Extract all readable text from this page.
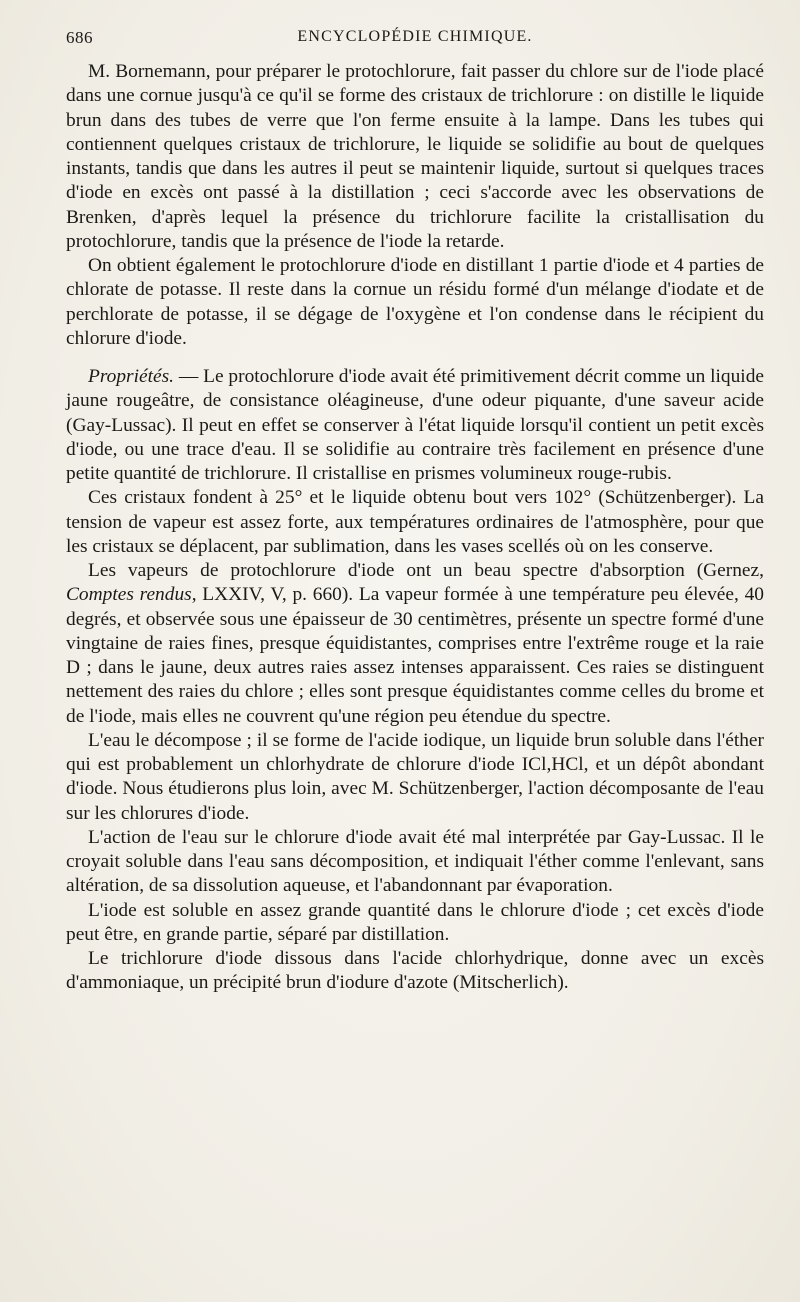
686	ENCYCLOPÉDIE CHIMIQUE.

M. Bornemann, pour préparer le protochlorure, fait passer du chlore sur de l'iode placé dans une cornue jusqu'à ce qu'il se forme des cristaux de trichlorure : on distille le liquide brun dans des tubes de verre que l'on ferme ensuite à la lampe. Dans les tubes qui contiennent quelques cristaux de trichlorure, le liquide se solidifie au bout de quelques instants, tandis que dans les autres il peut se maintenir liquide, surtout si quelques traces d'iode en excès ont passé à la distillation ; ceci s'accorde avec les observations de Brenken, d'après lequel la présence du trichlorure facilite la cristallisation du protochlorure, tandis que la présence de l'iode la retarde.

On obtient également le protochlorure d'iode en distillant 1 partie d'iode et 4 parties de chlorate de potasse. Il reste dans la cornue un résidu formé d'un mélange d'iodate et de perchlorate de potasse, il se dégage de l'oxygène et l'on condense dans le récipient du chlorure d'iode.

Propriétés. — Le protochlorure d'iode avait été primitivement décrit comme un liquide jaune rougeâtre, de consistance oléagineuse, d'une odeur piquante, d'une saveur acide (Gay-Lussac). Il peut en effet se conserver à l'état liquide lorsqu'il contient un petit excès d'iode, ou une trace d'eau. Il se solidifie au contraire très facilement en présence d'une petite quantité de trichlorure. Il cristallise en prismes volumineux rouge-rubis.

Ces cristaux fondent à 25° et le liquide obtenu bout vers 102° (Schützenberger). La tension de vapeur est assez forte, aux températures ordinaires de l'atmosphère, pour que les cristaux se déplacent, par sublimation, dans les vases scellés où on les conserve.

Les vapeurs de protochlorure d'iode ont un beau spectre d'absorption (Gernez, Comptes rendus, LXXIV, V, p. 660). La vapeur formée à une température peu élevée, 40 degrés, et observée sous une épaisseur de 30 centimètres, présente un spectre formé d'une vingtaine de raies fines, presque équidistantes, comprises entre l'extrême rouge et la raie D ; dans le jaune, deux autres raies assez intenses apparaissent. Ces raies se distinguent nettement des raies du chlore ; elles sont presque équidistantes comme celles du brome et de l'iode, mais elles ne couvrent qu'une région peu étendue du spectre.

L'eau le décompose ; il se forme de l'acide iodique, un liquide brun soluble dans l'éther qui est probablement un chlorhydrate de chlorure d'iode ICl,HCl, et un dépôt abondant d'iode. Nous étudierons plus loin, avec M. Schützenberger, l'action décomposante de l'eau sur les chlorures d'iode.

L'action de l'eau sur le chlorure d'iode avait été mal interprétée par Gay-Lussac. Il le croyait soluble dans l'eau sans décomposition, et indiquait l'éther comme l'enlevant, sans altération, de sa dissolution aqueuse, et l'abandonnant par évaporation.

L'iode est soluble en assez grande quantité dans le chlorure d'iode ; cet excès d'iode peut être, en grande partie, séparé par distillation.

Le trichlorure d'iode dissous dans l'acide chlorhydrique, donne avec un excès d'ammoniaque, un précipité brun d'iodure d'azote (Mitscherlich).
